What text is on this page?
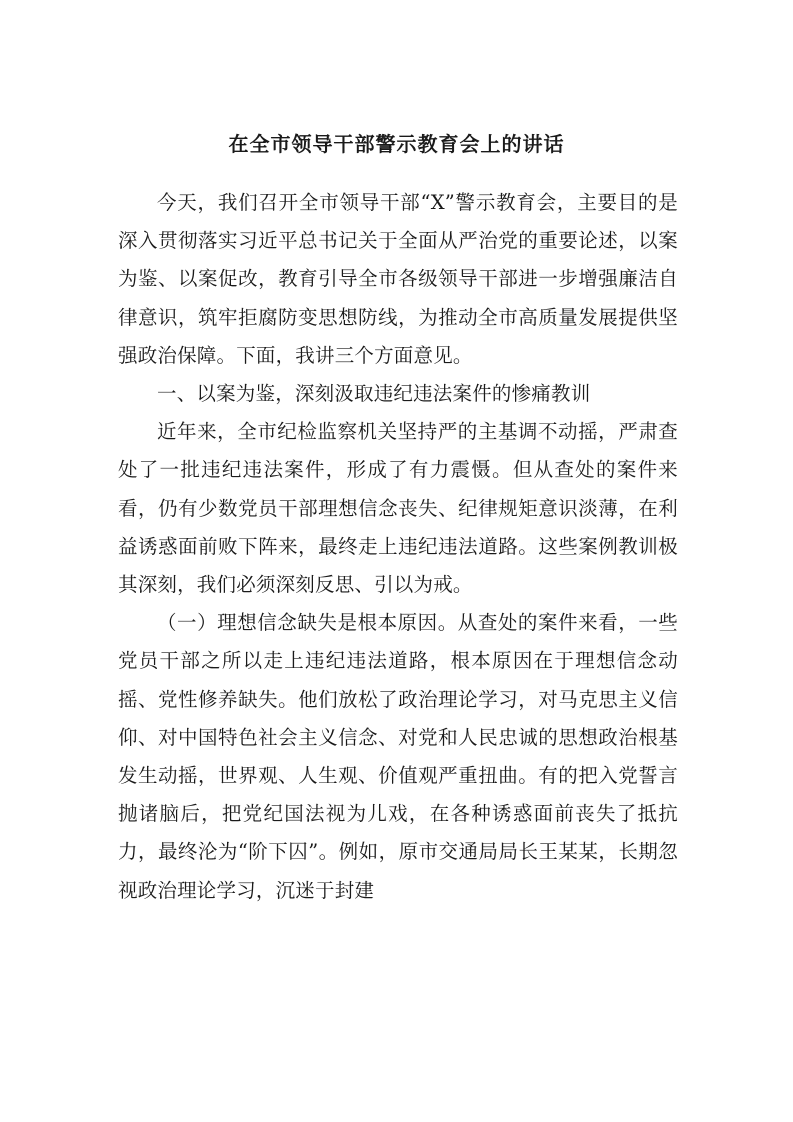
在全市领导干部警示教育会上的讲话

今天，我们召开全市领导干部“X”警示教育会，主要目的是深入贯彻落实习近平总书记关于全面从严治党的重要论述，以案为鉴、以案促改，教育引导全市各级领导干部进一步增强廉洁自律意识，筑牢拒腐防变思想防线，为推动全市高质量发展提供坚强政治保障。下面，我讲三个方面意见。

一、以案为鉴，深刻汲取违纪违法案件的惨痛教训

近年来，全市纪检监察机关坚持严的主基调不动摇，严肃查处了一批违纪违法案件，形成了有力震慑。但从查处的案件来看，仍有少数党员干部理想信念丧失、纪律规矩意识淡薄，在利益诱惑面前败下阵来，最终走上违纪违法道路。这些案例教训极其深刻，我们必须深刻反思、引以为戒。

（一）理想信念缺失是根本原因。从查处的案件来看，一些党员干部之所以走上违纪违法道路，根本原因在于理想信念动摇、党性修养缺失。他们放松了政治理论学习，对马克思主义信仰、对中国特色社会主义信念、对党和人民忠诚的思想政治根基发生动摇，世界观、人生观、价值观严重扭曲。有的把入党誓言抛诸脑后，把党纪国法视为儿戏，在各种诱惑面前丧失了抵抗力，最终沦为“阶下囚”。例如，原市交通局局长王某某，长期忽视政治理论学习，沉迷于封建
